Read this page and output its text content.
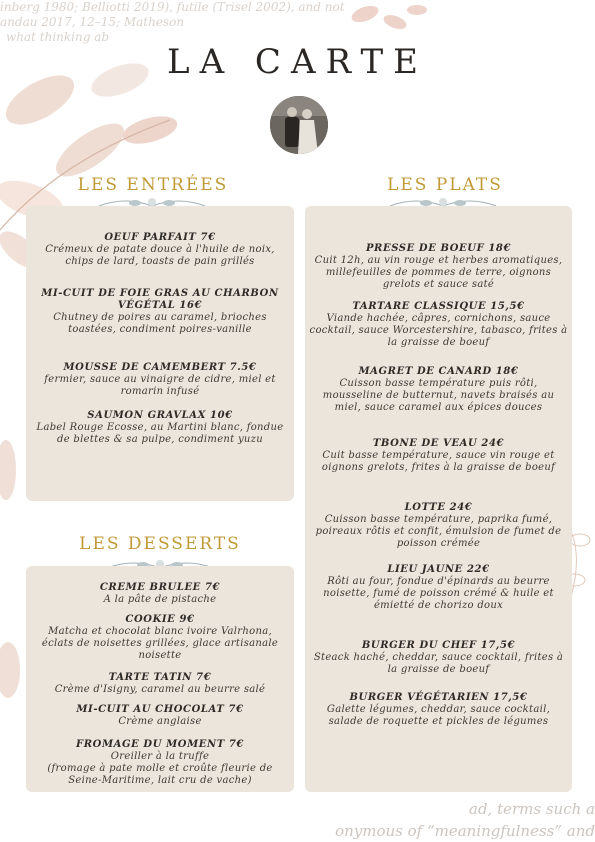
inberg 1980; Belliotti 2019), futile (Trisel 2002), and not
andau 2017, 12–15; Matheson
what thinking ab
ad, terms such a
onymous of “meaningfulness” and
LA CARTE
LES ENTRÉES
OEUF PARFAIT 7€
Crémeux de patate douce à l'huile de noix,
chips de lard, toasts de pain grillés
MI-CUIT DE FOIE GRAS AU CHARBON
VÉGÉTAL 16€
Chutney de poires au caramel, brioches
toastées, condiment poires-vanille
MOUSSE DE CAMEMBERT 7.5€
fermier, sauce au vinaigre de cidre, miel et
romarin infusé
SAUMON GRAVLAX 10€
Label Rouge Ecosse, au Martini blanc, fondue
de blettes & sa pulpe, condiment yuzu
LES DESSERTS
CREME BRULEE 7€
A la pâte de pistache
COOKIE 9€
Matcha et chocolat blanc ivoire Valrhona,
éclats de noisettes grillées, glace artisanale
noisette
TARTE TATIN 7€
Crème d'Isigny, caramel au beurre salé
MI-CUIT AU CHOCOLAT 7€
Crème anglaise
FROMAGE DU MOMENT 7€
Oreiller à la truffe
(fromage à pate molle et croûte fleurie de
Seine-Maritime, lait cru de vache)
LES PLATS
PRESSE DE BOEUF 18€
Cuit 12h, au vin rouge et herbes aromatiques,
millefeuilles de pommes de terre, oignons
grelots et sauce saté
TARTARE CLASSIQUE 15,5€
Viande hachée, câpres, cornichons, sauce
cocktail, sauce Worcestershire, tabasco, frites à
la graisse de boeuf
MAGRET DE CANARD 18€
Cuisson basse température puis rôti,
mousseline de butternut, navets braisés au
miel, sauce caramel aux épices douces
TBONE DE VEAU 24€
Cuit basse température, sauce vin rouge et
oignons grelots, frites à la graisse de boeuf
LOTTE 24€
Cuisson basse température, paprika fumé,
poireaux rôtis et confit, émulsion de fumet de
poisson crémée
LIEU JAUNE 22€
Rôti au four, fondue d'épinards au beurre
noisette, fumé de poisson crémé & huile et
émietté de chorizo doux
BURGER DU CHEF 17,5€
Steack haché, cheddar, sauce cocktail, frites à
la graisse de boeuf
BURGER VÉGÉTARIEN 17,5€
Galette légumes, cheddar, sauce cocktail,
salade de roquette et pickles de légumes
